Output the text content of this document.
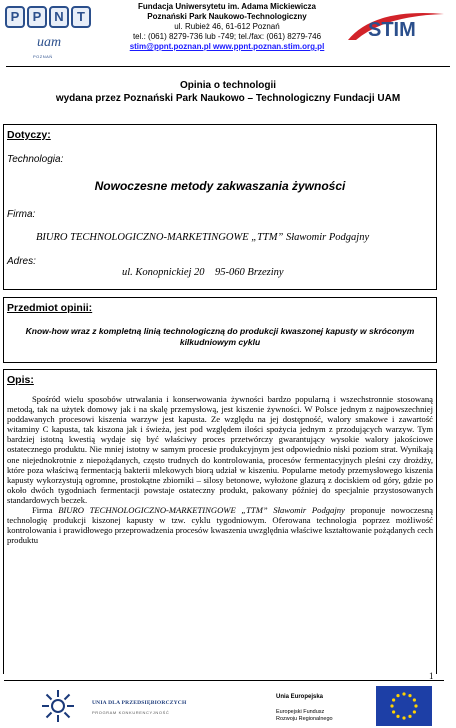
P	P N	T
uam
POZNAŃ
Fundacja Uniwersytetu im. Adama Mickiewicza
Poznański Park Naukowo-Technologiczny
ul. Rubież 46, 61-612 Poznań
tel.: (061) 8279-736 lub -749; tel./fax: (061) 8279-746
stim@ppnt.poznan.pl www.ppnt.poznan.stim.org.pl
STIM
Opinia o technologii
wydana przez Poznański Park Naukowo – Technologiczny Fundacji UAM
Dotyczy:
Technologia:
Nowoczesne metody zakwaszania żywności
Firma:
BIURO TECHNOLOGICZNO-MARKETINGOWE „TTM” Sławomir Podgajny
Adres:
ul. Konopnickiej 20    95-060 Brzeziny
Przedmiot opinii:
Know-how wraz z kompletną linią technologiczną do produkcji kwaszonej kapusty w skróconym kilkudniowym cyklu
Opis:

Spośród wielu sposobów utrwalania i konserwowania żywności bardzo popularną i wszechstronnie stosowaną metodą, tak na użytek domowy jak i na skalę przemysłową, jest kiszenie żywności. W Polsce jednym z najpowszechniej poddawanych procesowi kiszenia warzyw jest kapusta. Ze względu na jej dostępność, walory smakowe i zawartość witaminy C kapusta, tak kiszona jak i świeża, jest pod względem ilości spożycia jednym z przodujących warzyw. Tym bardziej istotną kwestią wydaje się być właściwy proces przetwórczy gwarantujący wysokie walory jakościowe ostatecznego produktu. Nie mniej istotny w samym procesie produkcyjnym jest odpowiednio niski poziom strat. Wynikają one niejednokrotnie z niepożądanych, często trudnych do kontrolowania, procesów fermentacyjnych pleśni czy drożdży, które poza właściwą fermentacją bakterii mlekowych biorą udział w kiszeniu. Popularne metody przemysłowego kiszenia kapusty wykorzystują ogromne, prostokątne zbiorniki – silosy betonowe, wyłożone glazurą z dociskiem od góry, gdzie po około dwóch tygodniach fermentacji powstaje ostateczny produkt, pakowany później do specjalnie przystosowanych standardowych beczek.

Firma BIURO TECHNOLOGICZNO-MARKETINGOWE „TTM” Sławomir Podgajny proponuje nowoczesną technologię produkcji kiszonej kapusty w tzw. cyklu tygodniowym. Oferowana technologia poprzez możliwość kontrolowania i prawidłowego przeprowadzenia procesów kwaszenia uwzględnia właściwe kształtowanie pożądanych cech produktu

1
UNIA DLA PRZEDSIĘBIORCZYCH
PROGRAM KONKURENCYJNOŚĆ
Unia Europejska
Europejski Fundusz
Rozwoju Regionalnego
